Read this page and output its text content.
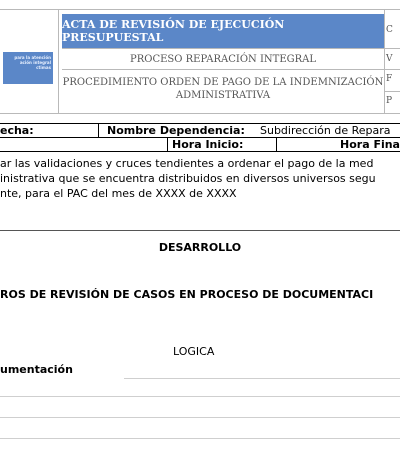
para la atención
ación integral
ctimas
ACTA DE REVISIÓN DE EJECUCIÓN PRESUPUESTAL
PROCESO REPARACIÓN INTEGRAL
PROCEDIMIENTO ORDEN DE PAGO DE LA INDEMNIZACIÓN ADMINISTRATIVA
C
V
F
P
echa:	Nombre Dependencia: Subdirección de Repara
Hora Inicio:	Hora Fina
ar las validaciones y cruces tendientes a ordenar el pago de la med
inistrativa que se encuentra distribuidos en diversos universos segu
nte, para el PAC del mes de XXXX de XXXX
DESARROLLO
ROS DE REVISIÓN DE CASOS EN PROCESO DE DOCUMENTACI
LOGICA
umentación
